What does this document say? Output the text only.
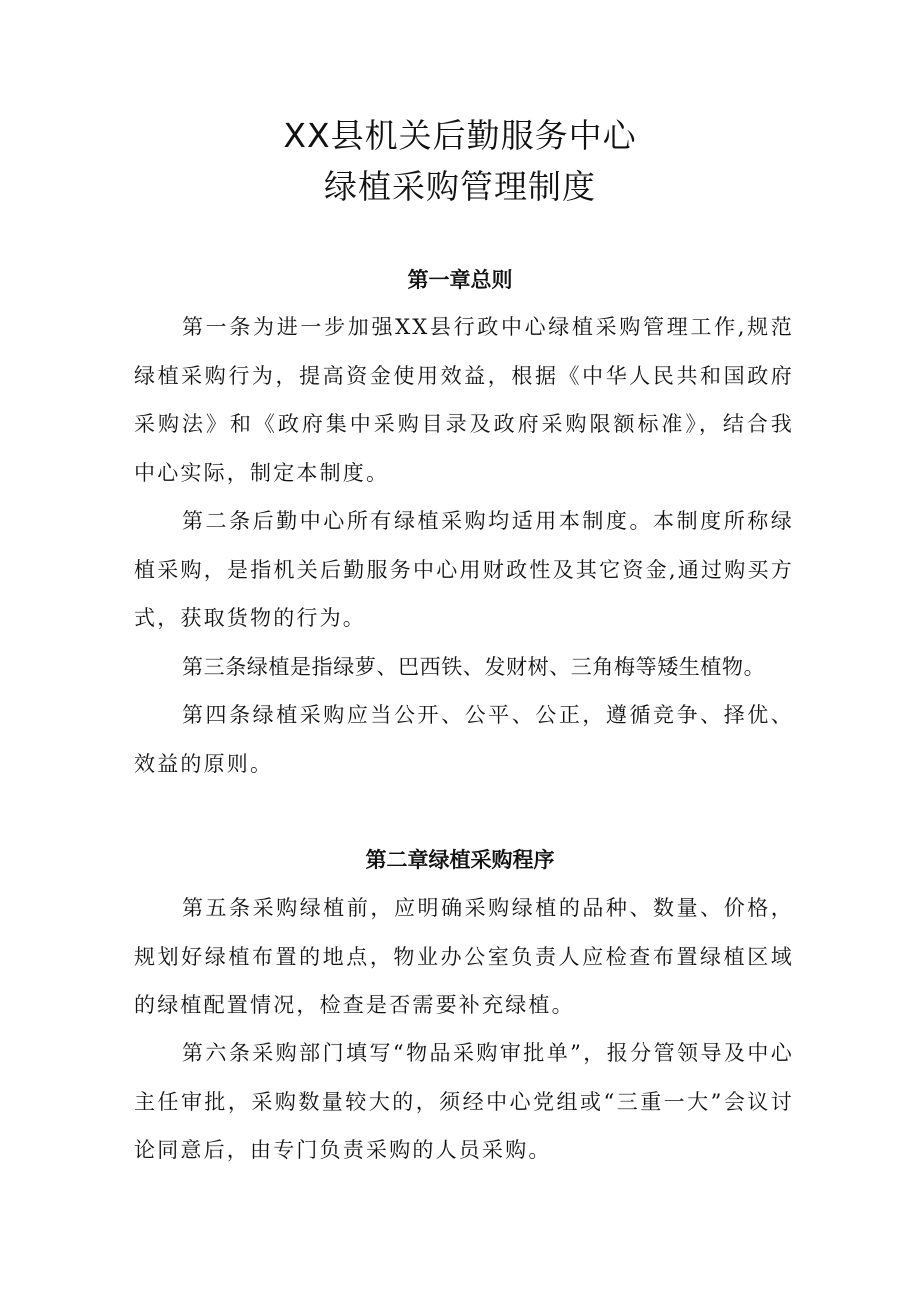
XX县机关后勤服务中心
绿植采购管理制度
第一章总则

第一条为进一步加强XX县行政中心绿植采购管理工作,规范绿植采购行为，提高资金使用效益，根据《中华人民共和国政府采购法》和《政府集中采购目录及政府采购限额标准》，结合我中心实际，制定本制度。

第二条后勤中心所有绿植采购均适用本制度。本制度所称绿植采购，是指机关后勤服务中心用财政性及其它资金,通过购买方式，获取货物的行为。

第三条绿植是指绿萝、巴西铁、发财树、三角梅等矮生植物。

第四条绿植采购应当公开、公平、公正，遵循竞争、择优、效益的原则。

第二章绿植采购程序

第五条采购绿植前，应明确采购绿植的品种、数量、价格，规划好绿植布置的地点，物业办公室负责人应检查布置绿植区域的绿植配置情况，检查是否需要补充绿植。

第六条采购部门填写“物品采购审批单”，报分管领导及中心主任审批，采购数量较大的，须经中心党组或“三重一大”会议讨论同意后，由专门负责采购的人员采购。
